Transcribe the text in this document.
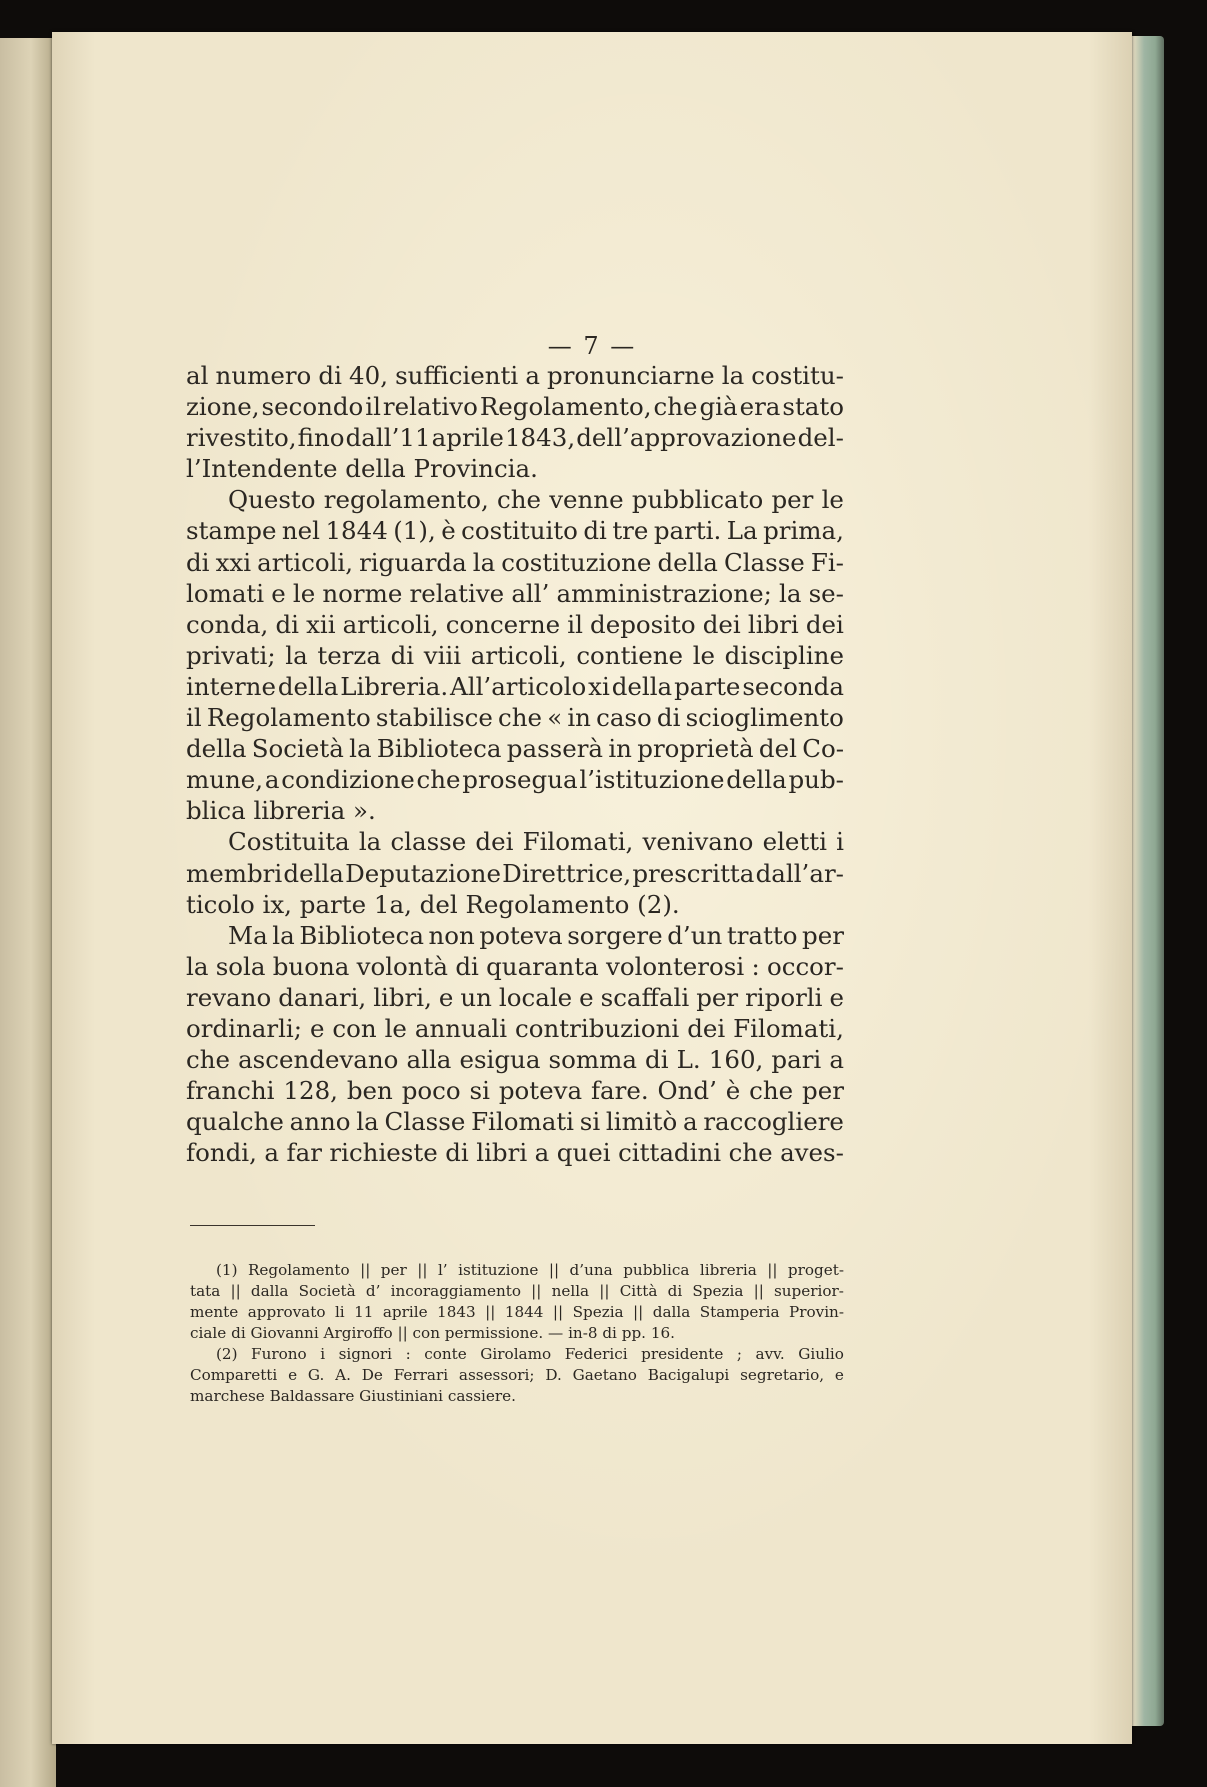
— 7 —
al numero di 40, sufficienti a pronunciarne la costitu-
zione, secondo il relativo Regolamento, che già era stato
rivestito, fino dall’11 aprile 1843, dell’approvazione del-
l’Intendente della Provincia.
Questo regolamento, che venne pubblicato per le
stampe nel 1844 (1), è costituito di tre parti. La prima,
di xxi articoli, riguarda la costituzione della Classe Fi-
lomati e le norme relative all’ amministrazione; la se-
conda, di xii articoli, concerne il deposito dei libri dei
privati; la terza di viii articoli, contiene le discipline
interne della Libreria. All’articolo xi della parte seconda
il Regolamento stabilisce che « in caso di scioglimento
della Società la Biblioteca passerà in proprietà del Co-
mune, a condizione che prosegua l’istituzione della pub-
blica libreria ».
Costituita la classe dei Filomati, venivano eletti i
membri della Deputazione Direttrice, prescritta dall’ar-
ticolo ix, parte 1a, del Regolamento (2).
Ma la Biblioteca non poteva sorgere d’un tratto per
la sola buona volontà di quaranta volonterosi : occor-
revano danari, libri, e un locale e scaffali per riporli e
ordinarli; e con le annuali contribuzioni dei Filomati,
che ascendevano alla esigua somma di L. 160, pari a
franchi 128, ben poco si poteva fare. Ond’ è che per
qualche anno la Classe Filomati si limitò a raccogliere
fondi, a far richieste di libri a quei cittadini che aves-
(1) Regolamento || per || l’ istituzione || d’una pubblica libreria || proget-
tata || dalla Società d’ incoraggiamento || nella || Città di Spezia || superior-
mente approvato li 11 aprile 1843 || 1844 || Spezia || dalla Stamperia Provin-
ciale di Giovanni Argiroffo || con permissione. — in-8 di pp. 16.
(2) Furono i signori : conte Girolamo Federici presidente ; avv. Giulio
Comparetti e G. A. De Ferrari assessori; D. Gaetano Bacigalupi segretario, e
marchese Baldassare Giustiniani cassiere.
